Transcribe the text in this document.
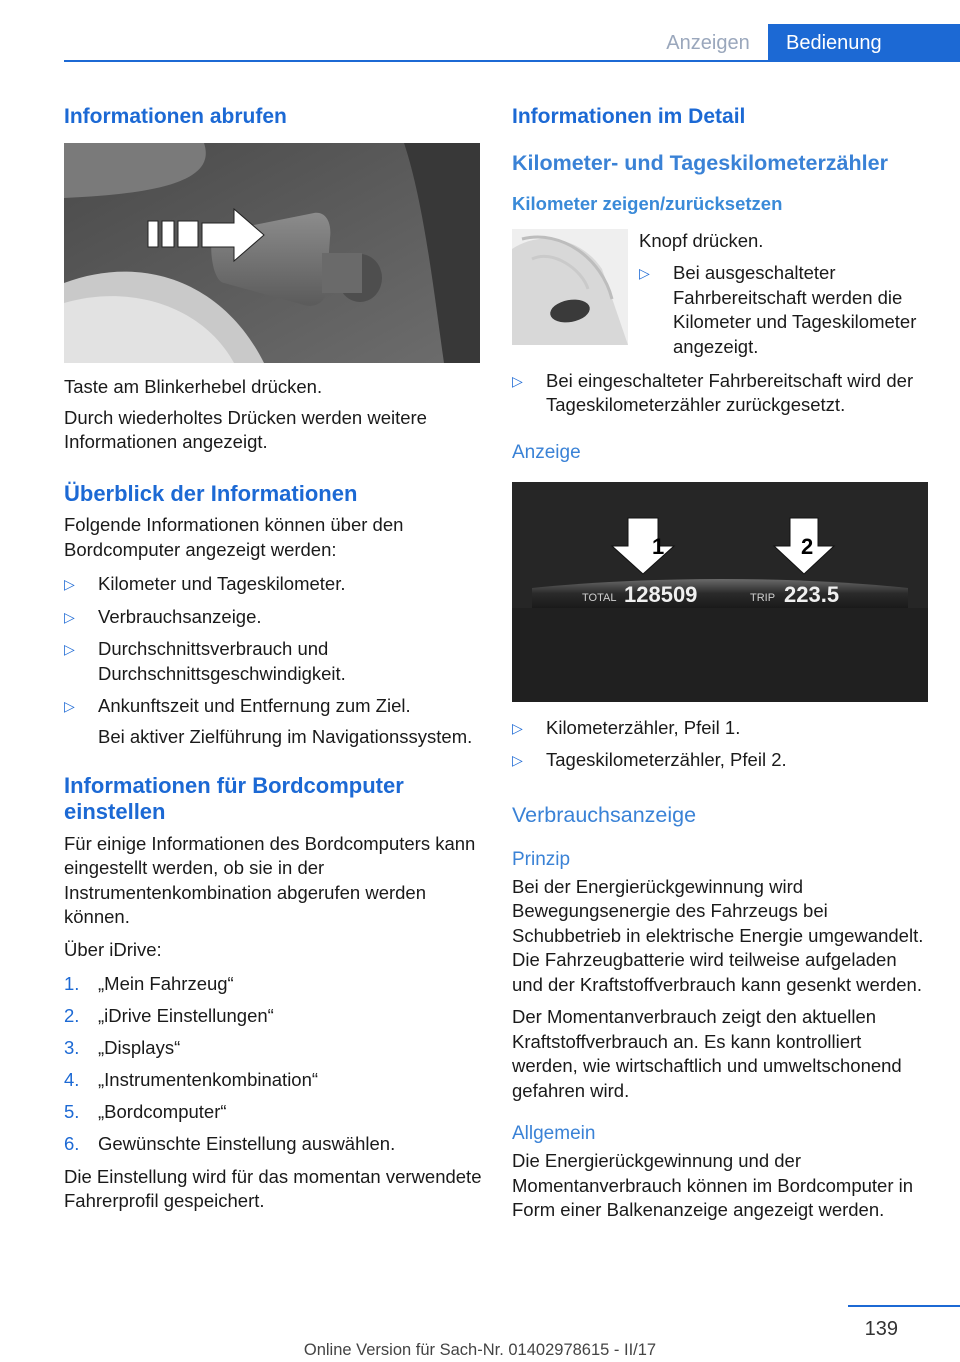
Anzeigen	Bedienung
Informationen abrufen

Taste am Blinkerhebel drücken.

Durch wiederholtes Drücken werden weitere Informationen angezeigt.

Überblick der Informationen

Folgende Informationen können über den Bordcomputer angezeigt werden:

▷ Kilometer und Tageskilometer.
▷ Verbrauchsanzeige.
▷ Durchschnittsverbrauch und Durchschnittsgeschwindigkeit.
▷ Ankunftszeit und Entfernung zum Ziel.
Bei aktiver Zielführung im Navigationssystem.
Informationen für Bordcomputer einstellen

Für einige Informationen des Bordcomputers kann eingestellt werden, ob sie in der Instrumentenkombination abgerufen werden können.

Über iDrive:

1. „Mein Fahrzeug“
2. „iDrive Einstellungen“
3. „Displays“
4. „Instrumentenkombination“
5. „Bordcomputer“
6. Gewünschte Einstellung auswählen.

Die Einstellung wird für das momentan verwendete Fahrerprofil gespeichert.

Informationen im Detail
Kilometer- und Tageskilometerzähler
Kilometer zeigen/zurücksetzen

Knopf drücken.

▷ Bei ausgeschalteter Fahrbereitschaft werden die Kilometer und Tageskilometer angezeigt.
▷ Bei eingeschalteter Fahrbereitschaft wird der Tageskilometerzähler zurückgesetzt.
Anzeige
1	2
TOTAL 128509	TRIP 223.5
▷ Kilometerzähler, Pfeil 1.
▷ Tageskilometerzähler, Pfeil 2.
Verbrauchsanzeige
Prinzip

Bei der Energierückgewinnung wird Bewegungsenergie des Fahrzeugs bei Schubbetrieb in elektrische Energie umgewandelt. Die Fahrzeugbatterie wird teilweise aufgeladen und der Kraftstoffverbrauch kann gesenkt werden.

Der Momentanverbrauch zeigt den aktuellen Kraftstoffverbrauch an. Es kann kontrolliert werden, wie wirtschaftlich und umweltschonend gefahren wird.

Allgemein

Die Energierückgewinnung und der Momentanverbrauch können im Bordcomputer in Form einer Balkenanzeige angezeigt werden.

139
Online Version für Sach-Nr. 01402978615 - II/17
